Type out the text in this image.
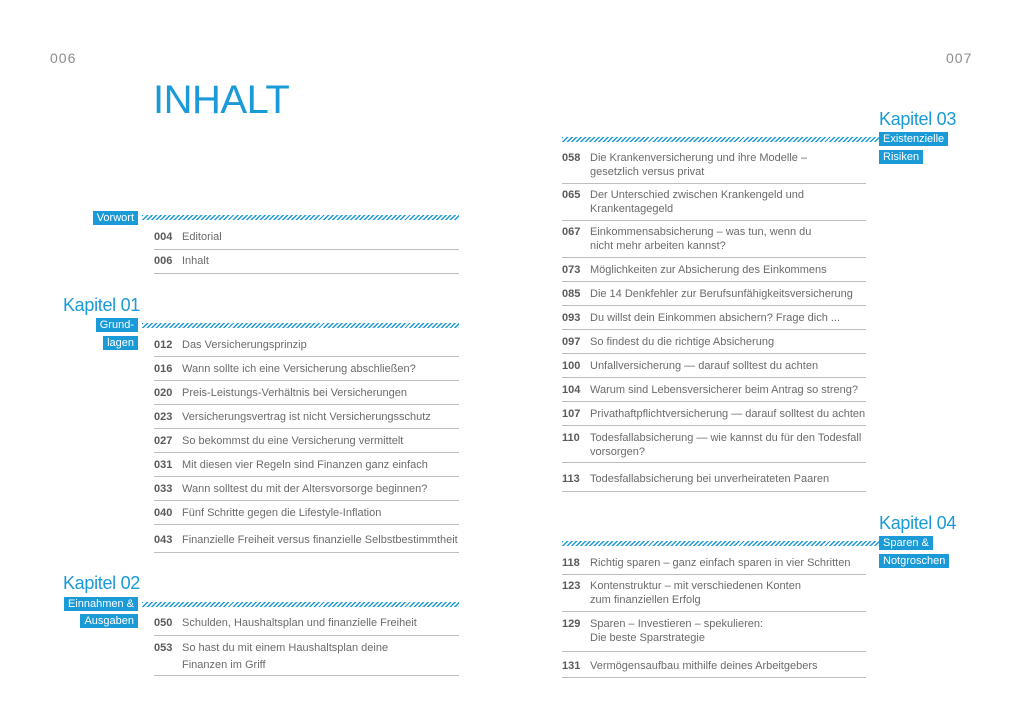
006	007
INHALT
Vorwort
004 Editorial
006 Inhalt
Kapitel 01
Grund-
lagen	012 Das Versicherungsprinzip
016 Wann sollte ich eine Versicherung abschließen?
020 Preis-Leistungs-Verhältnis bei Versicherungen
023 Versicherungsvertrag ist nicht Versicherungsschutz
027 So bekommst du eine Versicherung vermittelt
031 Mit diesen vier Regeln sind Finanzen ganz einfach
033 Wann solltest du mit der Altersvorsorge beginnen?
040 Fünf Schritte gegen die Lifestyle-Inflation
043 Finanzielle Freiheit versus finanzielle Selbstbestimmtheit
Kapitel 02
Einnahmen &
Ausgaben	050 Schulden, Haushaltsplan und finanzielle Freiheit
053 So hast du mit einem Haushaltsplan deine
Finanzen im Griff
Kapitel 03
Existenzielle
Risiken
058 Die Krankenversicherung und ihre Modelle –
gesetzlich versus privat
065 Der Unterschied zwischen Krankengeld und
Krankentagegeld
067 Einkommensabsicherung – was tun, wenn du
nicht mehr arbeiten kannst?
073 Möglichkeiten zur Absicherung des Einkommens
085 Die 14 Denkfehler zur Berufsunfähigkeitsversicherung
093 Du willst dein Einkommen absichern? Frage dich ...
097 So findest du die richtige Absicherung
100 Unfallversicherung — darauf solltest du achten
104 Warum sind Lebensversicherer beim Antrag so streng?
107 Privathaftpflichtversicherung — darauf solltest du achten
110 Todesfallabsicherung — wie kannst du für den Todesfall
vorsorgen?
113 Todesfallabsicherung bei unverheirateten Paaren
Kapitel 04
Sparen &
Notgroschen
118 Richtig sparen – ganz einfach sparen in vier Schritten
123 Kontenstruktur – mit verschiedenen Konten
zum finanziellen Erfolg
129 Sparen – Investieren – spekulieren:
Die beste Sparstrategie
131 Vermögensaufbau mithilfe deines Arbeitgebers
